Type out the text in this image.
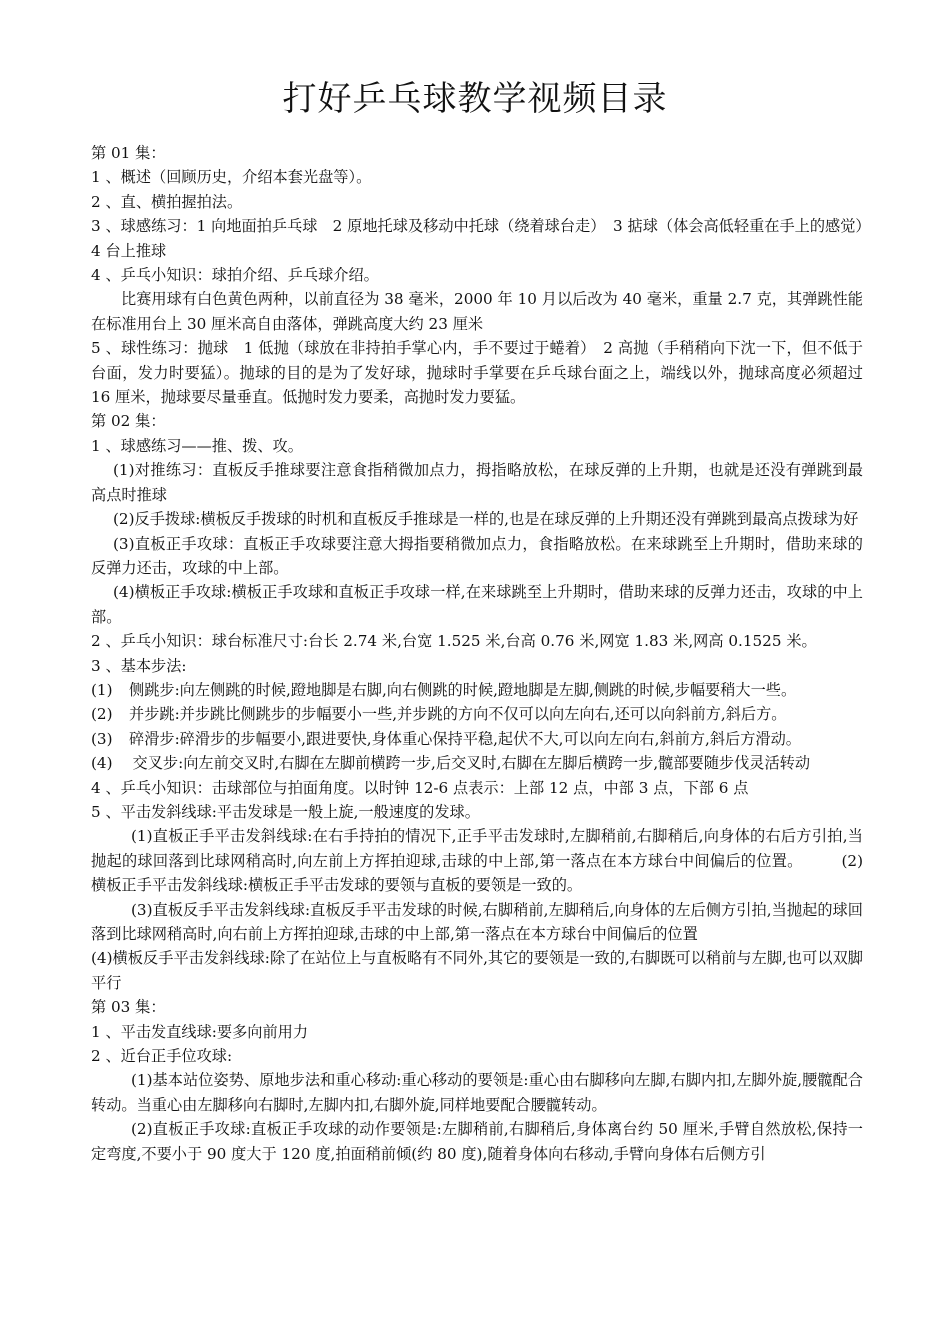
打好乒乓球教学视频目录

第 01 集：

1 、概述（回顾历史，介绍本套光盘等）。

2 、直、横拍握拍法。

3 、球感练习：1 向地面拍乒乓球　2 原地托球及移动中托球（绕着球台走）　3 掂球（体会高低轻重在手上的感觉）　4 台上推球

4 、乒乓小知识：球拍介绍、乒乓球介绍。

比赛用球有白色黄色两种，以前直径为 38 毫米，2000 年 10 月以后改为 40 毫米，重量 2.7 克，其弹跳性能在标准用台上 30 厘米高自由落体，弹跳高度大约 23 厘米

5 、球性练习：抛球　1 低抛（球放在非持拍手掌心内，手不要过于蜷着）　2 高抛（手稍稍向下沈一下，但不低于台面，发力时要猛）。抛球的目的是为了发好球，抛球时手掌要在乒乓球台面之上，端线以外，抛球高度必须超过 16 厘米，抛球要尽量垂直。低抛时发力要柔，高抛时发力要猛。

第 02 集：

1 、球感练习——推、拨、攻。

(1)对推练习：直板反手推球要注意食指稍微加点力，拇指略放松，在球反弹的上升期，也就是还没有弹跳到最高点时推球

(2)反手拨球:横板反手拨球的时机和直板反手推球是一样的,也是在球反弹的上升期还没有弹跳到最高点拨球为好

(3)直板正手攻球：直板正手攻球要注意大拇指要稍微加点力，食指略放松。在来球跳至上升期时，借助来球的反弹力还击，攻球的中上部。

(4)横板正手攻球:横板正手攻球和直板正手攻球一样,在来球跳至上升期时，借助来球的反弹力还击，攻球的中上部。

2 、乒乓小知识：球台标准尺寸:台长 2.74 米,台宽 1.525 米,台高 0.76 米,网宽 1.83 米,网高 0.1525 米。

3 、基本步法:

(1)	侧跳步:向左侧跳的时候,蹬地脚是右脚,向右侧跳的时候,蹬地脚是左脚,侧跳的时候,步幅要稍大一些。
(2)	并步跳:并步跳比侧跳步的步幅要小一些,并步跳的方向不仅可以向左向右,还可以向斜前方,斜后方。
(3)	碎滑步:碎滑步的步幅要小,跟进要快,身体重心保持平稳,起伏不大,可以向左向右,斜前方,斜后方滑动。

(4)　 交叉步:向左前交叉时,右脚在左脚前横跨一步,后交叉时,右脚在左脚后横跨一步,髋部要随步伐灵活转动

4 、乒乓小知识：击球部位与拍面角度。以时钟 12-6 点表示：上部 12 点，中部 3 点，下部 6 点

5 、平击发斜线球:平击发球是一般上旋,一般速度的发球。

(1)直板正手平击发斜线球:在右手持拍的情况下,正手平击发球时,左脚稍前,右脚稍后,向身体的右后方引拍,当抛起的球回落到比球网稍高时,向左前上方挥拍迎球,击球的中上部,第一落点在本方球台中间偏后的位置。　　　(2)横板正手平击发斜线球:横板正手平击发球的要领与直板的要领是一致的。

(3)直板反手平击发斜线球:直板反手平击发球的时候,右脚稍前,左脚稍后,向身体的左后侧方引拍,当抛起的球回落到比球网稍高时,向右前上方挥拍迎球,击球的中上部,第一落点在本方球台中间偏后的位置

(4)横板反手平击发斜线球:除了在站位上与直板略有不同外,其它的要领是一致的,右脚既可以稍前与左脚,也可以双脚平行

第 03 集：

1 、平击发直线球:要多向前用力

2 、近台正手位攻球:

(1)基本站位姿势、原地步法和重心移动:重心移动的要领是:重心由右脚移向左脚,右脚内扣,左脚外旋,腰髋配合转动。当重心由左脚移向右脚时,左脚内扣,右脚外旋,同样地要配合腰髋转动。

(2)直板正手攻球:直板正手攻球的动作要领是:左脚稍前,右脚稍后,身体离台约 50 厘米,手臂自然放松,保持一定弯度,不要小于 90 度大于 120 度,拍面稍前倾(约 80 度),随着身体向右移动,手臂向身体右后侧方引
